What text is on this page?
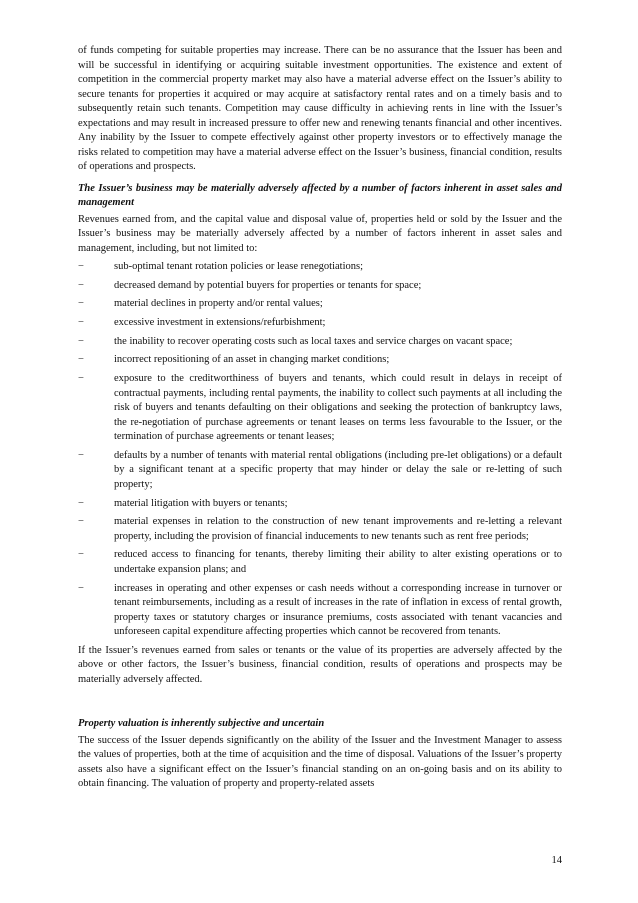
of funds competing for suitable properties may increase. There can be no assurance that the Issuer has been and will be successful in identifying or acquiring suitable investment opportunities. The existence and extent of competition in the commercial property market may also have a material adverse effect on the Issuer’s ability to secure tenants for properties it acquired or may acquire at satisfactory rental rates and on a timely basis and to subsequently retain such tenants. Competition may cause difficulty in achieving rents in line with the Issuer’s expectations and may result in increased pressure to offer new and renewing tenants financial and other incentives. Any inability by the Issuer to compete effectively against other property investors or to effectively manage the risks related to competition may have a material adverse effect on the Issuer’s business, financial condition, results of operations and prospects.

The Issuer’s business may be materially adversely affected by a number of factors inherent in asset sales and management

Revenues earned from, and the capital value and disposal value of, properties held or sold by the Issuer and the Issuer’s business may be materially adversely affected by a number of factors inherent in asset sales and management, including, but not limited to:

−	sub-optimal tenant rotation policies or lease renegotiations;
−	decreased demand by potential buyers for properties or tenants for space;
−	material declines in property and/or rental values;
−	excessive investment in extensions/refurbishment;
−	the inability to recover operating costs such as local taxes and service charges on vacant space;
−	incorrect repositioning of an asset in changing market conditions;
−	exposure to the creditworthiness of buyers and tenants, which could result in delays in receipt of contractual payments, including rental payments, the inability to collect such payments at all including the risk of buyers and tenants defaulting on their obligations and seeking the protection of bankruptcy laws, the re-negotiation of purchase agreements or tenant leases on terms less favourable to the Issuer, or the termination of purchase agreements or tenant leases;
−	defaults by a number of tenants with material rental obligations (including pre-let obligations) or a default by a significant tenant at a specific property that may hinder or delay the sale or re-letting of such property;
−	material litigation with buyers or tenants;
−	material expenses in relation to the construction of new tenant improvements and re-letting a relevant property, including the provision of financial inducements to new tenants such as rent free periods;
−	reduced access to financing for tenants, thereby limiting their ability to alter existing operations or to undertake expansion plans; and
−	increases in operating and other expenses or cash needs without a corresponding increase in turnover or tenant reimbursements, including as a result of increases in the rate of inflation in excess of rental growth, property taxes or statutory charges or insurance premiums, costs associated with tenant vacancies and unforeseen capital expenditure affecting properties which cannot be recovered from tenants.

If the Issuer’s revenues earned from sales or tenants or the value of its properties are adversely affected by the above or other factors, the Issuer’s business, financial condition, results of operations and prospects may be materially adversely affected.

Property valuation is inherently subjective and uncertain

The success of the Issuer depends significantly on the ability of the Issuer and the Investment Manager to assess the values of properties, both at the time of acquisition and the time of disposal. Valuations of the Issuer’s property assets also have a significant effect on the Issuer’s financial standing on an on-going basis and on its ability to obtain financing. The valuation of property and property-related assets

14
